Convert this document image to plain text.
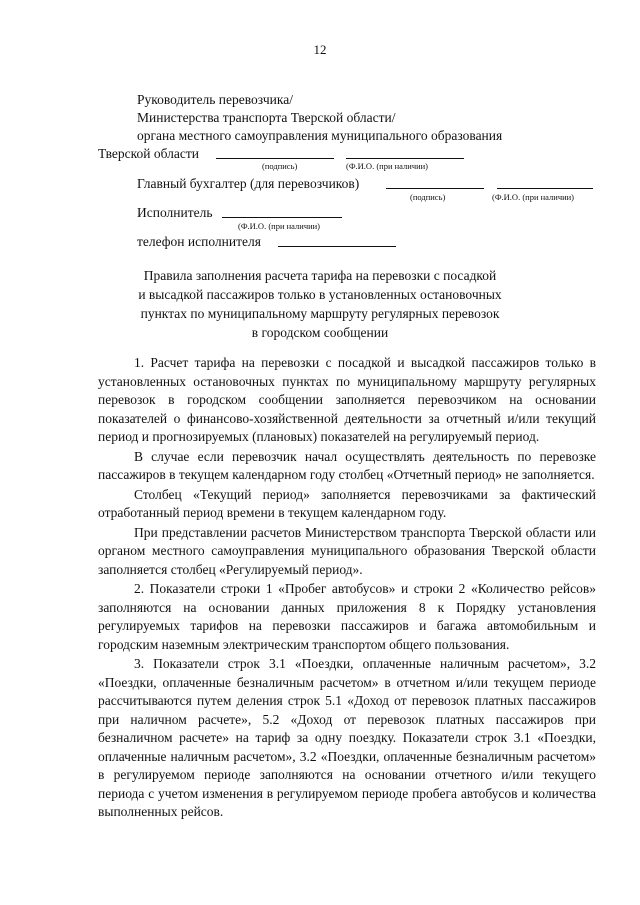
12
Руководитель перевозчика/
Министерства транспорта Тверской области/
органа местного самоуправления муниципального образования
Тверской области
(подпись)	(Ф.И.О. (при наличии)
Главный бухгалтер (для перевозчиков)
(подпись)	(Ф.И.О. (при наличии)
Исполнитель
(Ф.И.О. (при наличии)
телефон исполнителя
Правила заполнения расчета тарифа на перевозки с посадкой
и высадкой пассажиров только в установленных остановочных
пунктах по муниципальному маршруту регулярных перевозок
в городском сообщении

1. Расчет тарифа на перевозки с посадкой и высадкой пассажиров только в установленных остановочных пунктах по муниципальному маршруту регулярных перевозок в городском сообщении заполняется перевозчиком на основании показателей о финансово-хозяйственной деятельности за отчетный и/или текущий период и прогнозируемых (плановых) показателей на регулируемый период.

В случае если перевозчик начал осуществлять деятельность по перевозке пассажиров в текущем календарном году столбец «Отчетный период» не заполняется.

Столбец «Текущий период» заполняется перевозчиками за фактический отработанный период времени в текущем календарном году.

При представлении расчетов Министерством транспорта Тверской области или органом местного самоуправления муниципального образования Тверской области заполняется столбец «Регулируемый период».

2. Показатели строки 1 «Пробег автобусов» и строки 2 «Количество рейсов» заполняются на основании данных приложения 8 к Порядку установления регулируемых тарифов на перевозки пассажиров и багажа автомобильным и городским наземным электрическим транспортом общего пользования.

3. Показатели строк 3.1 «Поездки, оплаченные наличным расчетом», 3.2 «Поездки, оплаченные безналичным расчетом» в отчетном и/или текущем периоде рассчитываются путем деления строк 5.1 «Доход от перевозок платных пассажиров при наличном расчете», 5.2 «Доход от перевозок платных пассажиров при безналичном расчете» на тариф за одну поездку. Показатели строк 3.1 «Поездки, оплаченные наличным расчетом», 3.2 «Поездки, оплаченные безналичным расчетом» в регулируемом периоде заполняются на основании отчетного и/или текущего периода с учетом изменения в регулируемом периоде пробега автобусов и количества выполненных рейсов.
